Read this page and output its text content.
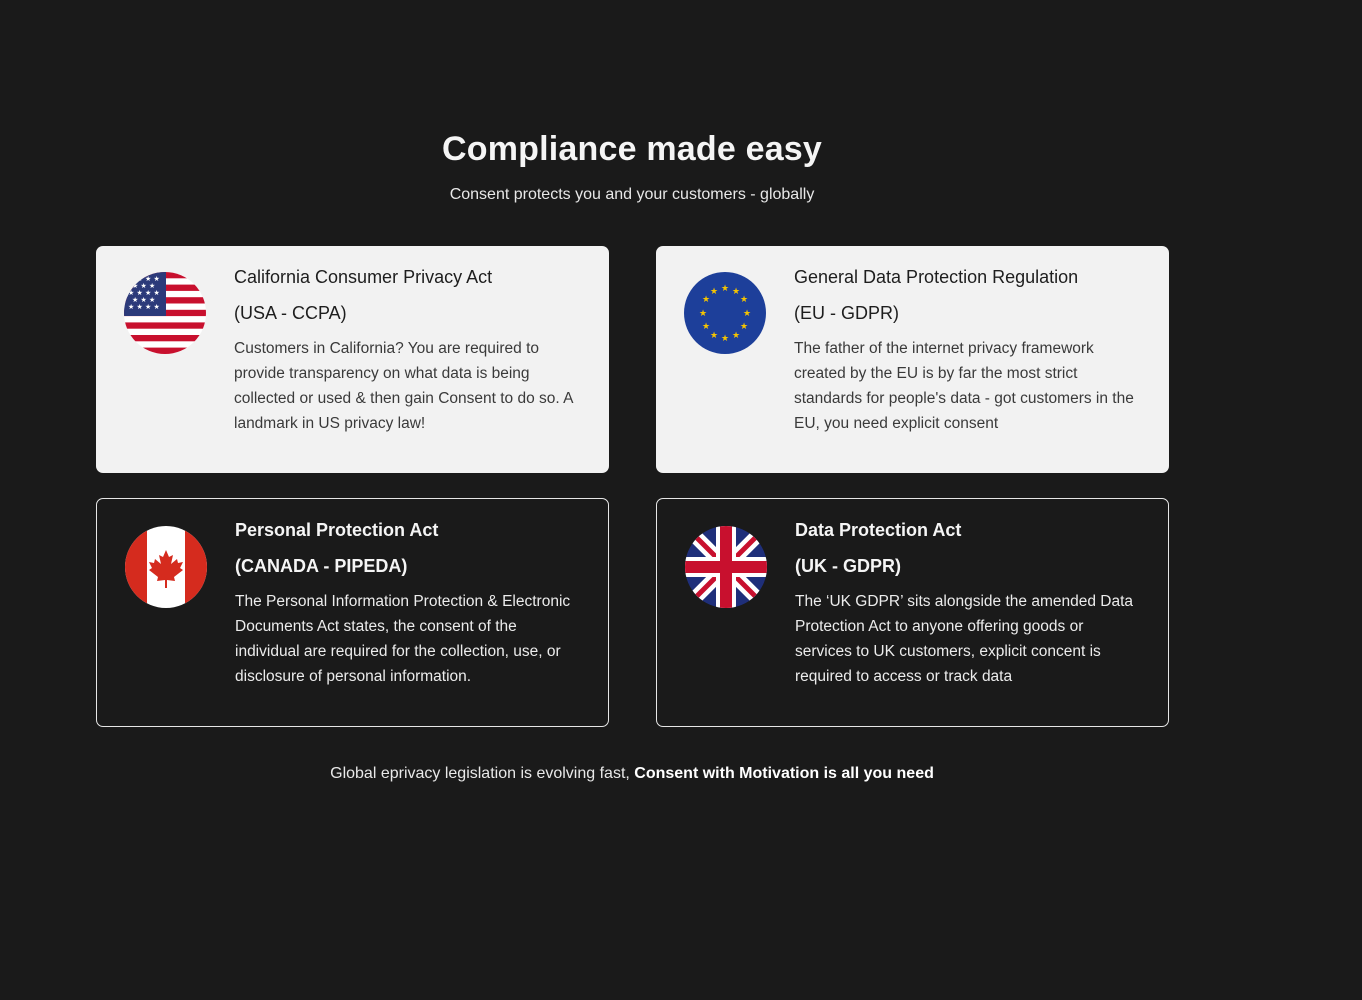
Compliance made easy
Consent protects you and your customers - globally
★ ★ ★ ★
★ ★ ★
★ ★ ★ ★
★ ★ ★
★ ★ ★ ★
California Consumer Privacy Act
(USA - CCPA)
Customers in California? You are required to provide transparency on what data is being collected or used & then gain Consent to do so. A landmark in US privacy law!
★ ★
★
★
★
★
★
★
★
★
★
★
General Data Protection Regulation
(EU - GDPR)
The father of the internet privacy framework created by the EU is by far the most strict standards for people's data - got customers in the EU, you need explicit consent
Personal Protection Act
(CANADA - PIPEDA)
The Personal Information Protection & Electronic Documents Act states, the consent of the individual are required for the collection, use, or disclosure of personal information.
Data Protection Act
(UK - GDPR)
The ‘UK GDPR’ sits alongside the amended Data Protection Act to anyone offering goods or services to UK customers, explicit concent is required to access or track data
Global eprivacy legislation is evolving fast, Consent with Motivation is all you need
